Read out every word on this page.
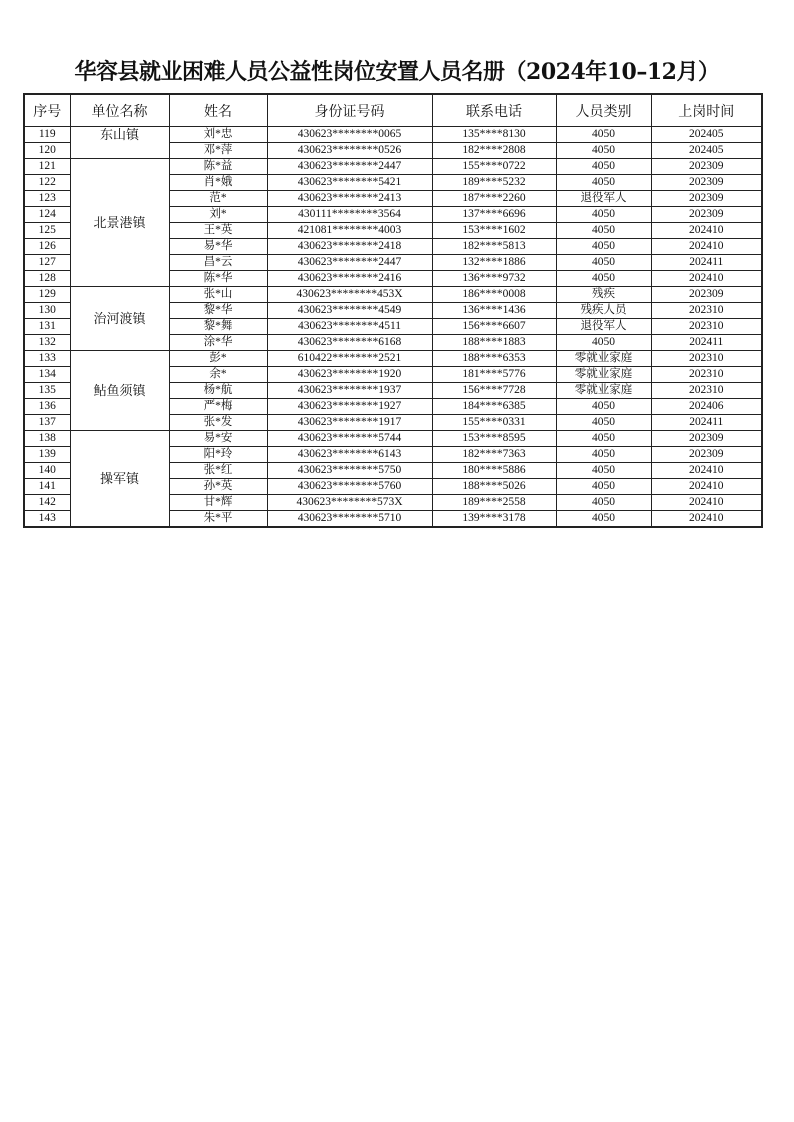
华容县就业困难人员公益性岗位安置人员名册（2024年10–12月）
序号	单位名称	姓名	身份证号码	联系电话	人员类别	上岗时间
119	东山镇	刘*忠	430623********0065	135****8130	4050	202405
120		邓*萍	430623********0526	182****2808	4050	202405
121	北景港镇	陈*益	430623********2447	155****0722	4050	202309
122		肖*娥	430623********5421	189****5232	4050	202309
123		范*	430623********2413	187****2260	退役军人	202309
124		刘*	430111********3564	137****6696	4050	202309
125		王*英	421081********4003	153****1602	4050	202410
126		易*华	430623********2418	182****5813	4050	202410
127		昌*云	430623********2447	132****1886	4050	202411
128		陈*华	430623********2416	136****9732	4050	202410
129	治河渡镇	张*山	430623********453X	186****0008	残疾	202309
130		黎*华	430623********4549	136****1436	残疾人员	202310
131		黎*舞	430623********4511	156****6607	退役军人	202310
132		涂*华	430623********6168	188****1883	4050	202411
133	鲇鱼须镇	彭*	610422********2521	188****6353	零就业家庭	202310
134		余*	430623********1920	181****5776	零就业家庭	202310
135		杨*航	430623********1937	156****7728	零就业家庭	202310
136		严*梅	430623********1927	184****6385	4050	202406
137		张*发	430623********1917	155****0331	4050	202411
138	操军镇	易*安	430623********5744	153****8595	4050	202309
139		阳*玲	430623********6143	182****7363	4050	202309
140		张*红	430623********5750	180****5886	4050	202410
141		孙*英	430623********5760	188****5026	4050	202410
142		甘*辉	430623********573X	189****2558	4050	202410
143		朱*平	430623********5710	139****3178	4050	202410
